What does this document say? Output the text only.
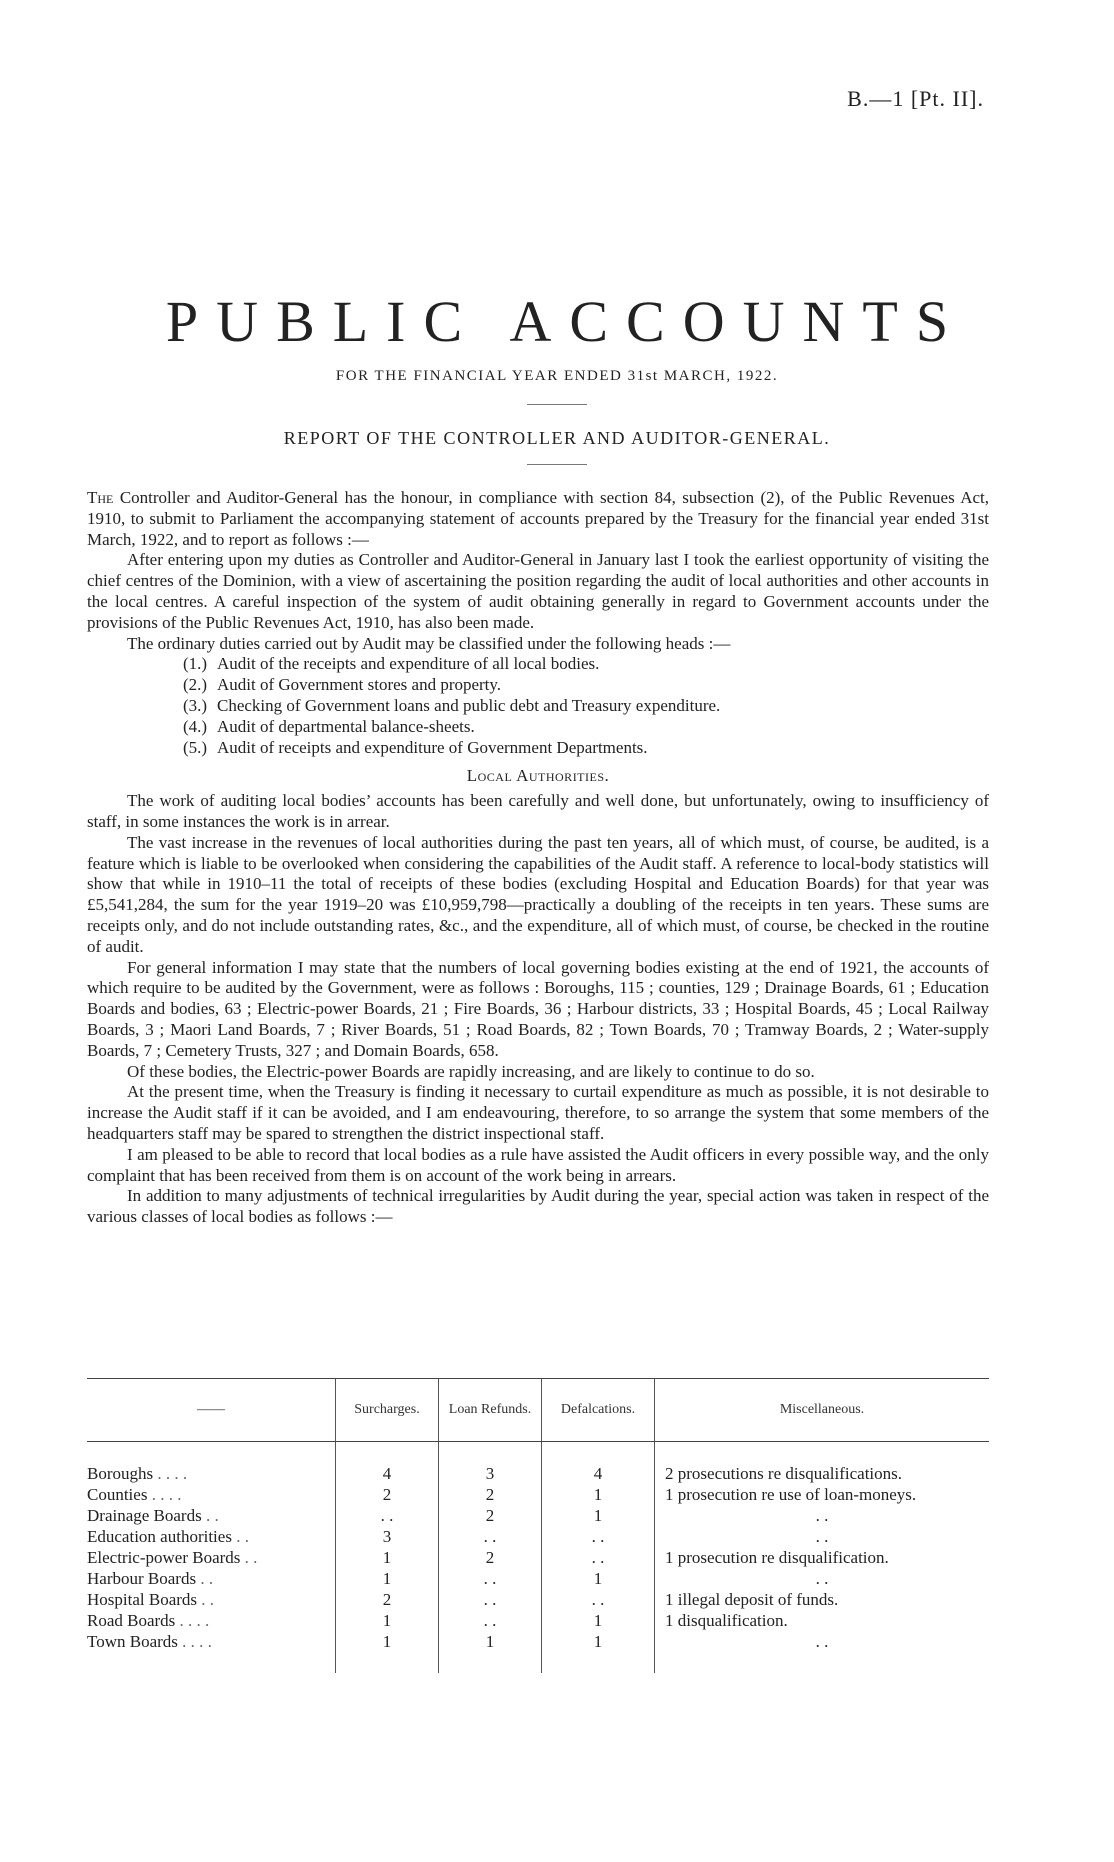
B.—1 [Pt. II].
PUBLIC ACCOUNTS
FOR THE FINANCIAL YEAR ENDED 31st MARCH, 1922.
REPORT OF THE CONTROLLER AND AUDITOR-GENERAL.

The Controller and Auditor-General has the honour, in compliance with section 84, subsection (2), of the Public Revenues Act, 1910, to submit to Parliament the accompanying statement of accounts prepared by the Treasury for the financial year ended 31st March, 1922, and to report as follows :—

After entering upon my duties as Controller and Auditor-General in January last I took the earliest opportunity of visiting the chief centres of the Dominion, with a view of ascertaining the position regarding the audit of local authorities and other accounts in the local centres. A careful inspection of the system of audit obtaining generally in regard to Government accounts under the provisions of the Public Revenues Act, 1910, has also been made.

The ordinary duties carried out by Audit may be classified under the following heads :—

(1.) Audit of the receipts and expenditure of all local bodies.
(2.) Audit of Government stores and property.
(3.) Checking of Government loans and public debt and Treasury expenditure.
(4.) Audit of departmental balance-sheets.
(5.) Audit of receipts and expenditure of Government Departments.
Local Authorities.

The work of auditing local bodies’ accounts has been carefully and well done, but unfortunately, owing to insufficiency of staff, in some instances the work is in arrear.

The vast increase in the revenues of local authorities during the past ten years, all of which must, of course, be audited, is a feature which is liable to be overlooked when considering the capabilities of the Audit staff. A reference to local-body statistics will show that while in 1910–11 the total of receipts of these bodies (excluding Hospital and Education Boards) for that year was £5,541,284, the sum for the year 1919–20 was £10,959,798—practically a doubling of the receipts in ten years. These sums are receipts only, and do not include outstanding rates, &c., and the expenditure, all of which must, of course, be checked in the routine of audit.

For general information I may state that the numbers of local governing bodies existing at the end of 1921, the accounts of which require to be audited by the Government, were as follows : Boroughs, 115 ; counties, 129 ; Drainage Boards, 61 ; Education Boards and bodies, 63 ; Electric-power Boards, 21 ; Fire Boards, 36 ; Harbour districts, 33 ; Hospital Boards, 45 ; Local Railway Boards, 3 ; Maori Land Boards, 7 ; River Boards, 51 ; Road Boards, 82 ; Town Boards, 70 ; Tramway Boards, 2 ; Water-supply Boards, 7 ; Cemetery Trusts, 327 ; and Domain Boards, 658.

Of these bodies, the Electric-power Boards are rapidly increasing, and are likely to continue to do so.

At the present time, when the Treasury is finding it necessary to curtail expenditure as much as possible, it is not desirable to increase the Audit staff if it can be avoided, and I am endeavouring, therefore, to so arrange the system that some members of the headquarters staff may be spared to strengthen the district inspectional staff.

I am pleased to be able to record that local bodies as a rule have assisted the Audit officers in every possible way, and the only complaint that has been received from them is on account of the work being in arrears.

In addition to many adjustments of technical irregularities by Audit during the year, special action was taken in respect of the various classes of local bodies as follows :—

——	Surcharges.	Loan Refunds.	Defalcations.	Miscellaneous.

Boroughs . . . .	4	3	4	2 prosecutions re disqualifications.
Counties . . . .	2	2	1	1 prosecution re use of loan-moneys.
Drainage Boards . .	. .	2	1	. .
Education authorities . .	3	. .	. .	. .
Electric-power Boards . .	1	2	. .	1 prosecution re disqualification.
Harbour Boards . .	1	. .	1	. .
Hospital Boards . .	2	. .	. .	1 illegal deposit of funds.
Road Boards . . . .	1	. .	1	1 disqualification.
Town Boards . . . .	1	1	1	. .
